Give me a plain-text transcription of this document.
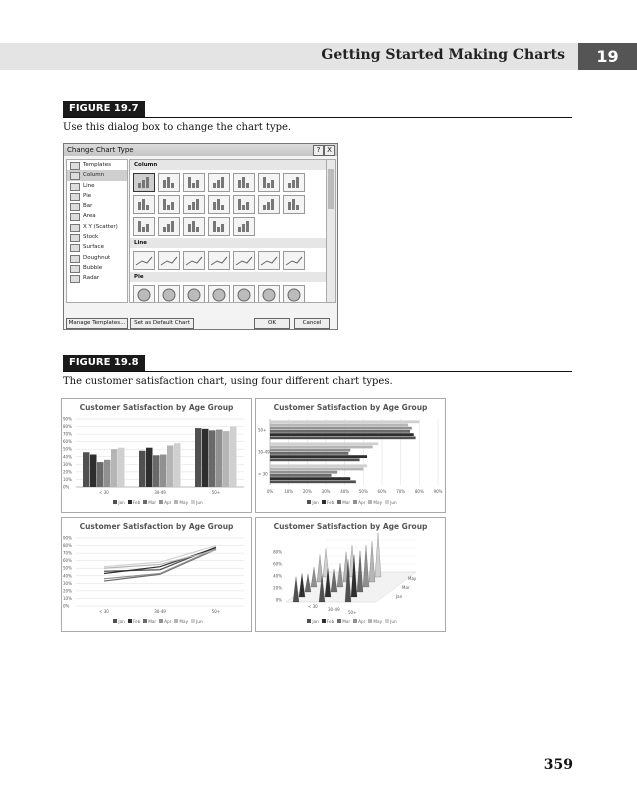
Getting Started Making Charts	19
FIGURE 19.7
Use this dialog box to change the chart type.
Change Chart Type	? X
Templates
Column
Line
Pie
Bar
Area
X Y (Scatter)
Stock
Surface
Doughnut
Bubble
Radar
Column
Line
Pie
Manage Templates...	Set as Default Chart	OK	Cancel
FIGURE 19.8
The customer satisfaction chart, using four different chart types.
Customer Satisfaction by Age Group
0%
10%
20%
30%
40%
50%
60%
70%
80%
90%
< 30	30-49	50+
Jan Feb Mar Apr May Jun
Customer Satisfaction by Age Group
0%	10% 20% 30% 40% 50% 60% 70% 80% 90%
< 30
30-49
50+
Jan Feb Mar Apr May Jun
Customer Satisfaction by Age Group
0%
10%
20%
30%
40%
50%
60%
70%
80%
90%
< 30	30-49	50+
Jan Feb Mar Apr May Jun
Customer Satisfaction by Age Group
0%
20%
40%
60%
80%
< 30
30-49
50+
Jan
Mar
May
Jan Feb Mar Apr May Jun
359
